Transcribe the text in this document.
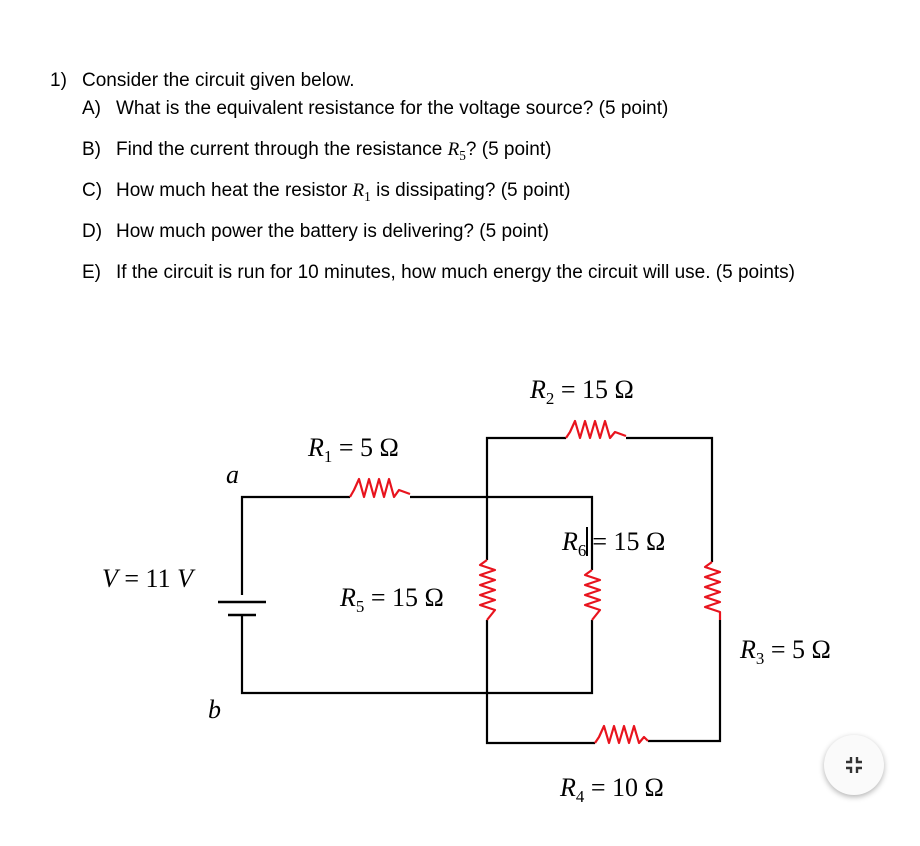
1) Consider the circuit given below.
A) What is the equivalent resistance for the voltage source? (5 point)
B) Find the current through the resistance $R_5$? (5 point)
C) How much heat the resistor $R_1$ is dissipating? (5 point)
D) How much power the battery is delivering? (5 point)
E) If the circuit is run for 10 minutes, how much energy the circuit will use. (5 points)
a
b
V = 11 V
$R_1 = 5$ Ω
$R_2 = 15$ Ω
$R_3 = 5$ Ω
$R_4 = 10$ Ω
$R_5 = 15$ Ω
$R_6 = 15$ Ω
